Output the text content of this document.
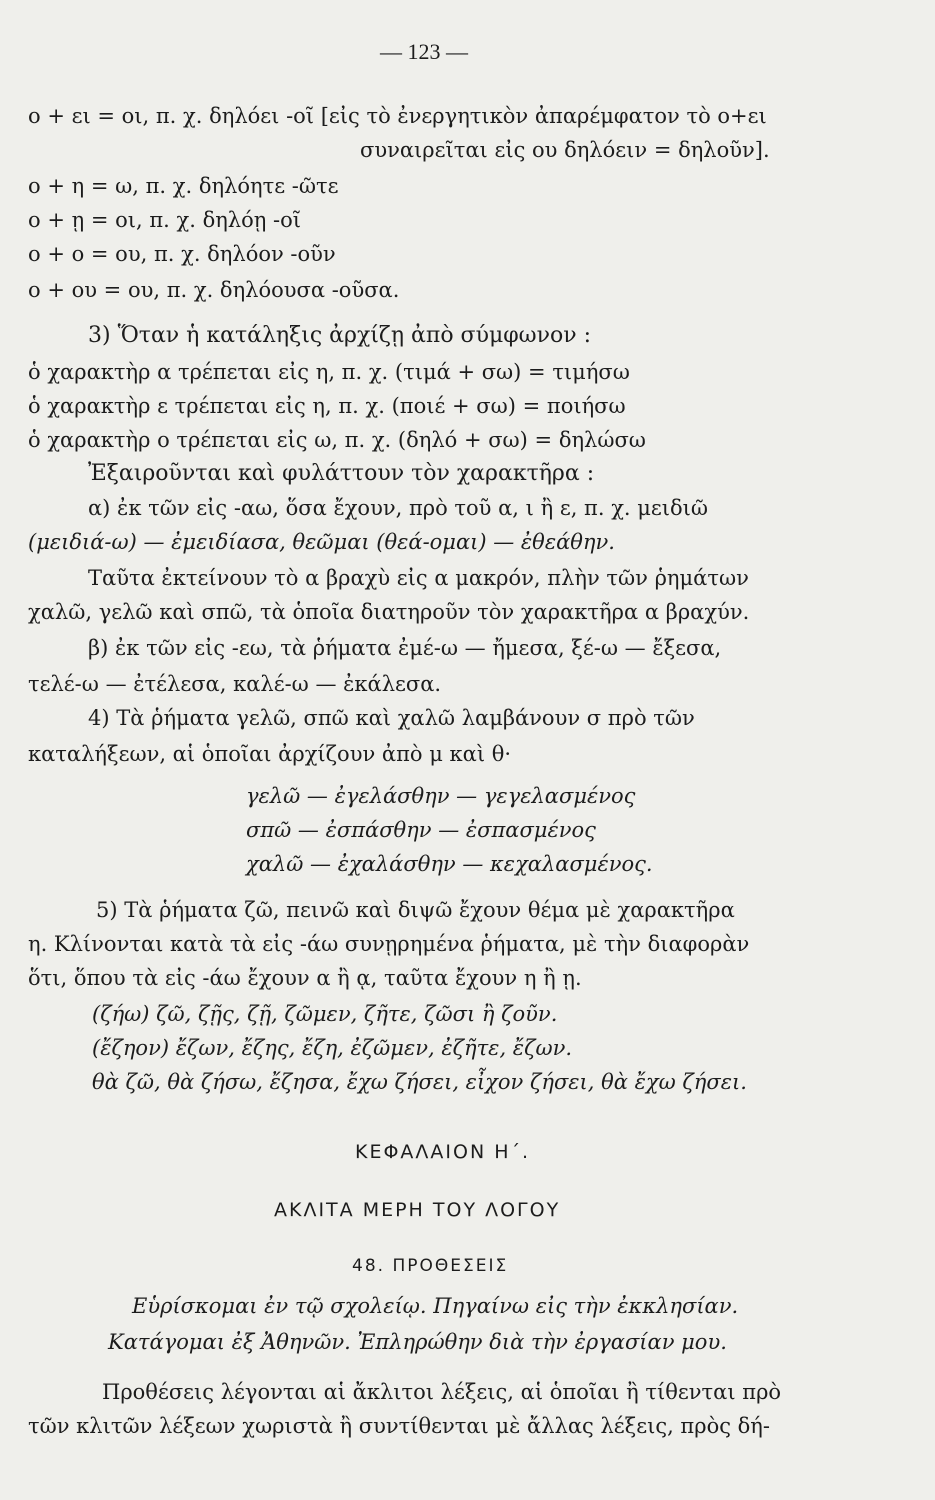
— 123 —
ο + ει = οι, π. χ. δηλόει -οῖ [εἰς τὸ ἐνεργητικὸν ἀπαρέμφατον τὸ ο+ει
συναιρεῖται εἰς ου δηλόειν = δηλοῦν].
ο + η = ω, π. χ. δηλόητε -ῶτε
ο + ῃ = οι, π. χ. δηλόῃ -οῖ
ο + ο = ου, π. χ. δηλόον -οῦν
ο + ου = ου, π. χ. δηλόουσα -οῦσα.
3) Ὅταν ἡ κατάληξις ἀρχίζῃ ἀπὸ σύμφωνον :
ὁ χαρακτὴρ α τρέπεται εἰς η, π. χ. (τιμά + σω) = τιμήσω
ὁ χαρακτὴρ ε τρέπεται εἰς η, π. χ. (ποιέ + σω) = ποιήσω
ὁ χαρακτὴρ ο τρέπεται εἰς ω, π. χ. (δηλό + σω) = δηλώσω
Ἐξαιροῦνται καὶ φυλάττουν τὸν χαρακτῆρα :
α) ἐκ τῶν εἰς -αω, ὅσα ἔχουν, πρὸ τοῦ α, ι ἢ ε, π. χ. μειδιῶ
(μειδιά-ω) — ἐμειδίασα, θεῶμαι (θεά-ομαι) — ἐθεάθην.
Ταῦτα ἐκτείνουν τὸ α βραχὺ εἰς α μακρόν, πλὴν τῶν ῥημάτων
χαλῶ, γελῶ καὶ σπῶ, τὰ ὁποῖα διατηροῦν τὸν χαρακτῆρα α βραχύν.
β) ἐκ τῶν εἰς -εω, τὰ ῥήματα ἐμέ-ω — ἤμεσα, ξέ-ω — ἔξεσα,
τελέ-ω — ἐτέλεσα, καλέ-ω — ἐκάλεσα.
4) Τὰ ῥήματα γελῶ, σπῶ καὶ χαλῶ λαμβάνουν σ πρὸ τῶν
καταλήξεων, αἱ ὁποῖαι ἀρχίζουν ἀπὸ μ καὶ θ·
γελῶ — ἐγελάσθην — γεγελασμένος
σπῶ — ἐσπάσθην — ἐσπασμένος
χαλῶ — ἐχαλάσθην — κεχαλασμένος.
5) Τὰ ῥήματα ζῶ, πεινῶ καὶ διψῶ ἔχουν θέμα μὲ χαρακτῆρα
η. Κλίνονται κατὰ τὰ εἰς -άω συνῃρημένα ῥήματα, μὲ τὴν διαφορὰν
ὅτι, ὅπου τὰ εἰς -άω ἔχουν α ἢ ᾳ, ταῦτα ἔχουν η ἢ ῃ.
(ζήω) ζῶ, ζῇς, ζῇ, ζῶμεν, ζῆτε, ζῶσι ἢ ζοῦν.
(ἔζηον) ἔζων, ἔζης, ἔζη, ἐζῶμεν, ἐζῆτε, ἔζων.
θὰ ζῶ, θὰ ζήσω, ἔζησα, ἔχω ζήσει, εἶχον ζήσει, θὰ ἔχω ζήσει.
ΚΕΦΑΛΑΙΟΝ Η΄.
ΑΚΛΙΤΑ ΜΕΡΗ ΤΟΥ ΛΟΓΟΥ
48. ΠΡΟΘΕΣΕΙΣ
Εὑρίσκομαι ἐν τῷ σχολείῳ. Πηγαίνω εἰς τὴν ἐκκλησίαν.
Κατάγομαι ἐξ Ἀθηνῶν. Ἐπληρώθην διὰ τὴν ἐργασίαν μου.
Προθέσεις λέγονται αἱ ἄκλιτοι λέξεις, αἱ ὁποῖαι ἢ τίθενται πρὸ
τῶν κλιτῶν λέξεων χωριστὰ ἢ συντίθενται μὲ ἄλλας λέξεις, πρὸς δή-
